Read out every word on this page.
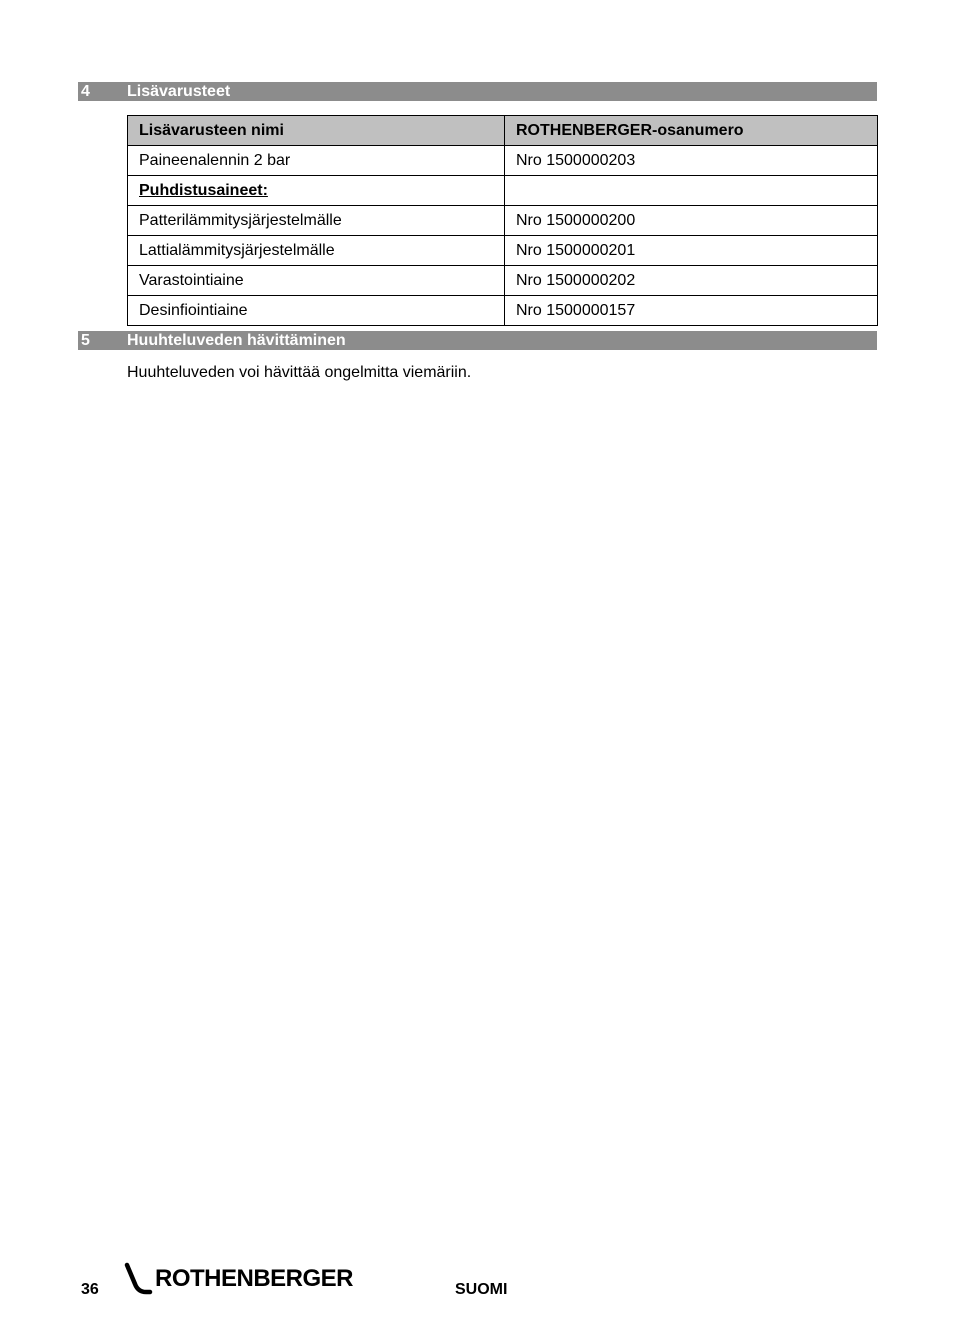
4 Lisävarusteet
Lisävarusteen nimi	ROTHENBERGER-osanumero
Paineenalennin 2 bar	Nro 1500000203
Puhdistusaineet:	
Patterilämmitysjärjestelmälle	Nro 1500000200
Lattialämmitysjärjestelmälle	Nro 1500000201
Varastointiaine	Nro 1500000202
Desinfiointiaine	Nro 1500000157
5 Huuhteluveden hävittäminen
Huuhteluveden voi hävittää ongelmitta viemäriin.
36 ROTHENBERGER	SUOMI
